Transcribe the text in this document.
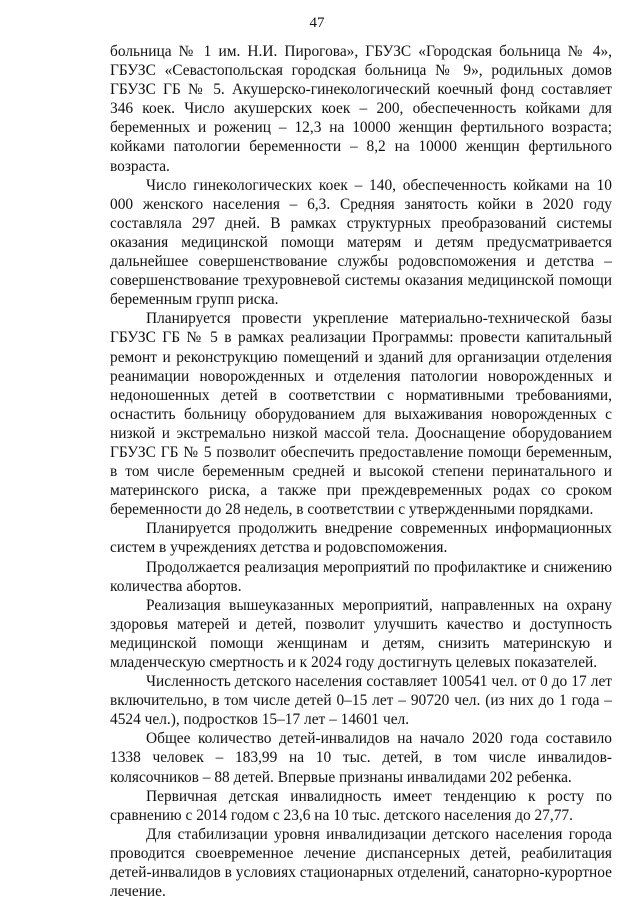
47

больница № 1 им. Н.И. Пирогова», ГБУЗС «Городская больница № 4», ГБУЗС «Севастопольская городская больница № 9», родильных домов ГБУЗС ГБ № 5. Акушерско-гинекологический коечный фонд составляет 346 коек. Число акушерских коек – 200, обеспеченность койками для беременных и рожениц – 12,3 на 10000 женщин фертильного возраста; койками патологии беременности – 8,2 на 10000 женщин фертильного возраста.

Число гинекологических коек – 140, обеспеченность койками на 10 000 женского населения – 6,3. Средняя занятость койки в 2020 году составляла 297 дней. В рамках структурных преобразований системы оказания медицинской помощи матерям и детям предусматривается дальнейшее совершенствование службы родовспоможения и детства – совершенствование трехуровневой системы оказания медицинской помощи беременным групп риска.

Планируется провести укрепление материально-технической базы ГБУЗС ГБ № 5 в рамках реализации Программы: провести капитальный ремонт и реконструкцию помещений и зданий для организации отделения реанимации новорожденных и отделения патологии новорожденных и недоношенных детей в соответствии с нормативными требованиями, оснастить больницу оборудованием для выхаживания новорожденных с низкой и экстремально низкой массой тела. Дооснащение оборудованием ГБУЗС ГБ № 5 позволит обеспечить предоставление помощи беременным, в том числе беременным средней и высокой степени перинатального и материнского риска, а также при преждевременных родах со сроком беременности до 28 недель, в соответствии с утвержденными порядками.

Планируется продолжить внедрение современных информационных систем в учреждениях детства и родовспоможения.

Продолжается реализация мероприятий по профилактике и снижению количества абортов.

Реализация вышеуказанных мероприятий, направленных на охрану здоровья матерей и детей, позволит улучшить качество и доступность медицинской помощи женщинам и детям, снизить материнскую и младенческую смертность и к 2024 году достигнуть целевых показателей.

Численность детского населения составляет 100541 чел. от 0 до 17 лет включительно, в том числе детей 0–15 лет – 90720 чел. (из них до 1 года – 4524 чел.), подростков 15–17 лет – 14601 чел.

Общее количество детей-инвалидов на начало 2020 года составило 1338 человек – 183,99 на 10 тыс. детей, в том числе инвалидов-колясочников – 88 детей. Впервые признаны инвалидами 202 ребенка.

Первичная детская инвалидность имеет тенденцию к росту по сравнению с 2014 годом с 23,6 на 10 тыс. детского населения до 27,77.

Для стабилизации уровня инвалидизации детского населения города проводится своевременное лечение диспансерных детей, реабилитация детей-инвалидов в условиях стационарных отделений, санаторно-курортное лечение.
